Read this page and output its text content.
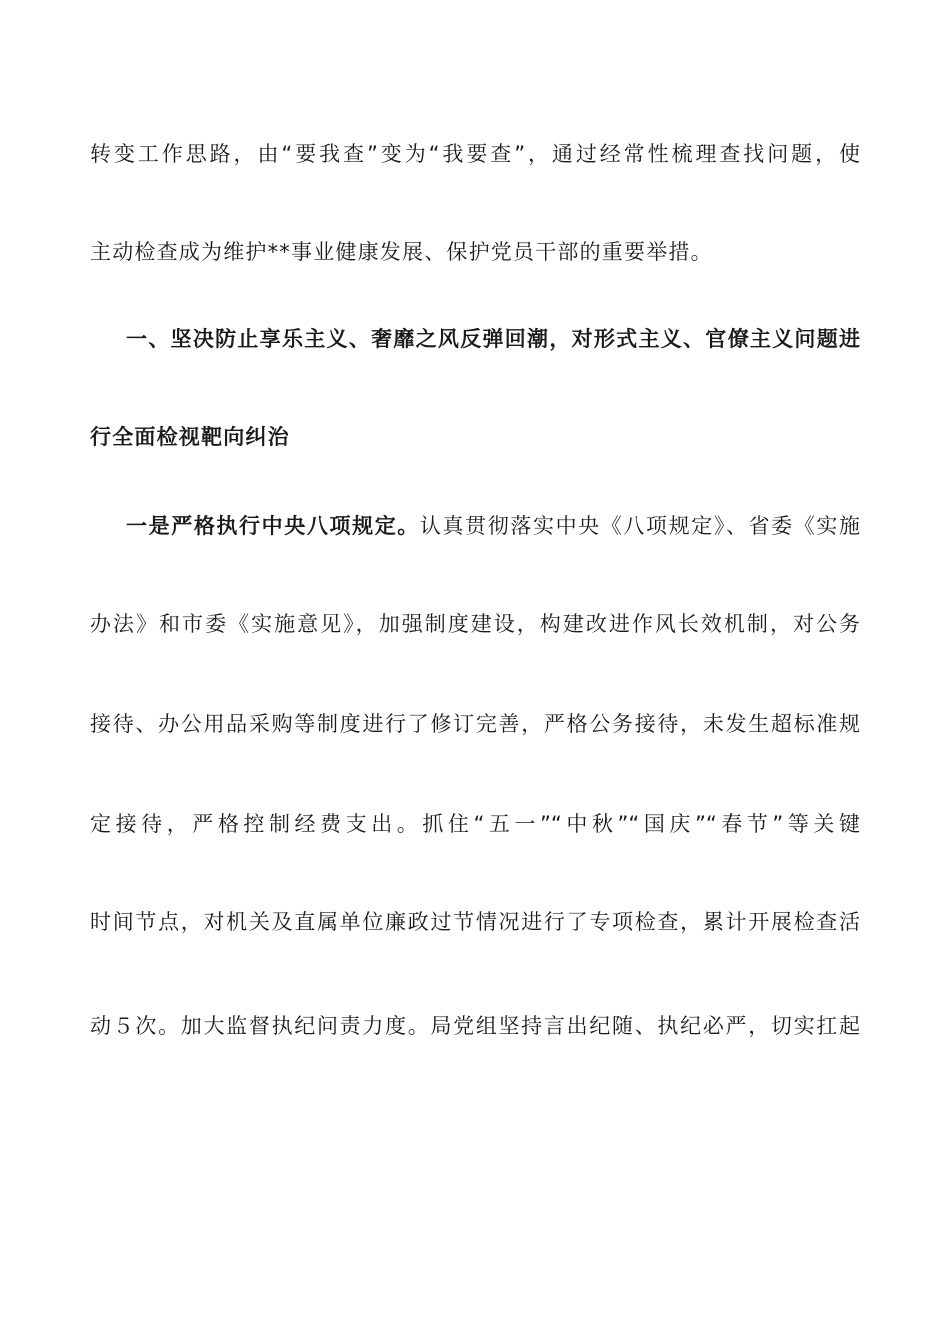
转变工作思路，由“要我查”变为“我要查”，通过经常性梳理查找问题，使
主动检查成为维护**事业健康发展、保护党员干部的重要举措。
一、坚决防止享乐主义、奢靡之风反弹回潮，对形式主义、官僚主义问题进
行全面检视靶向纠治
一是严格执行中央八项规定。认真贯彻落实中央《八项规定》、省委《实施
办法》和市委《实施意见》，加强制度建设，构建改进作风长效机制，对公务
接待、办公用品采购等制度进行了修订完善，严格公务接待，未发生超标准规
定接待，严格控制经费支出。抓住“五一”“中秋”“国庆”“春节”等关键
时间节点，对机关及直属单位廉政过节情况进行了专项检查，累计开展检查活
动５次。加大监督执纪问责力度。局党组坚持言出纪随、执纪必严，切实扛起
